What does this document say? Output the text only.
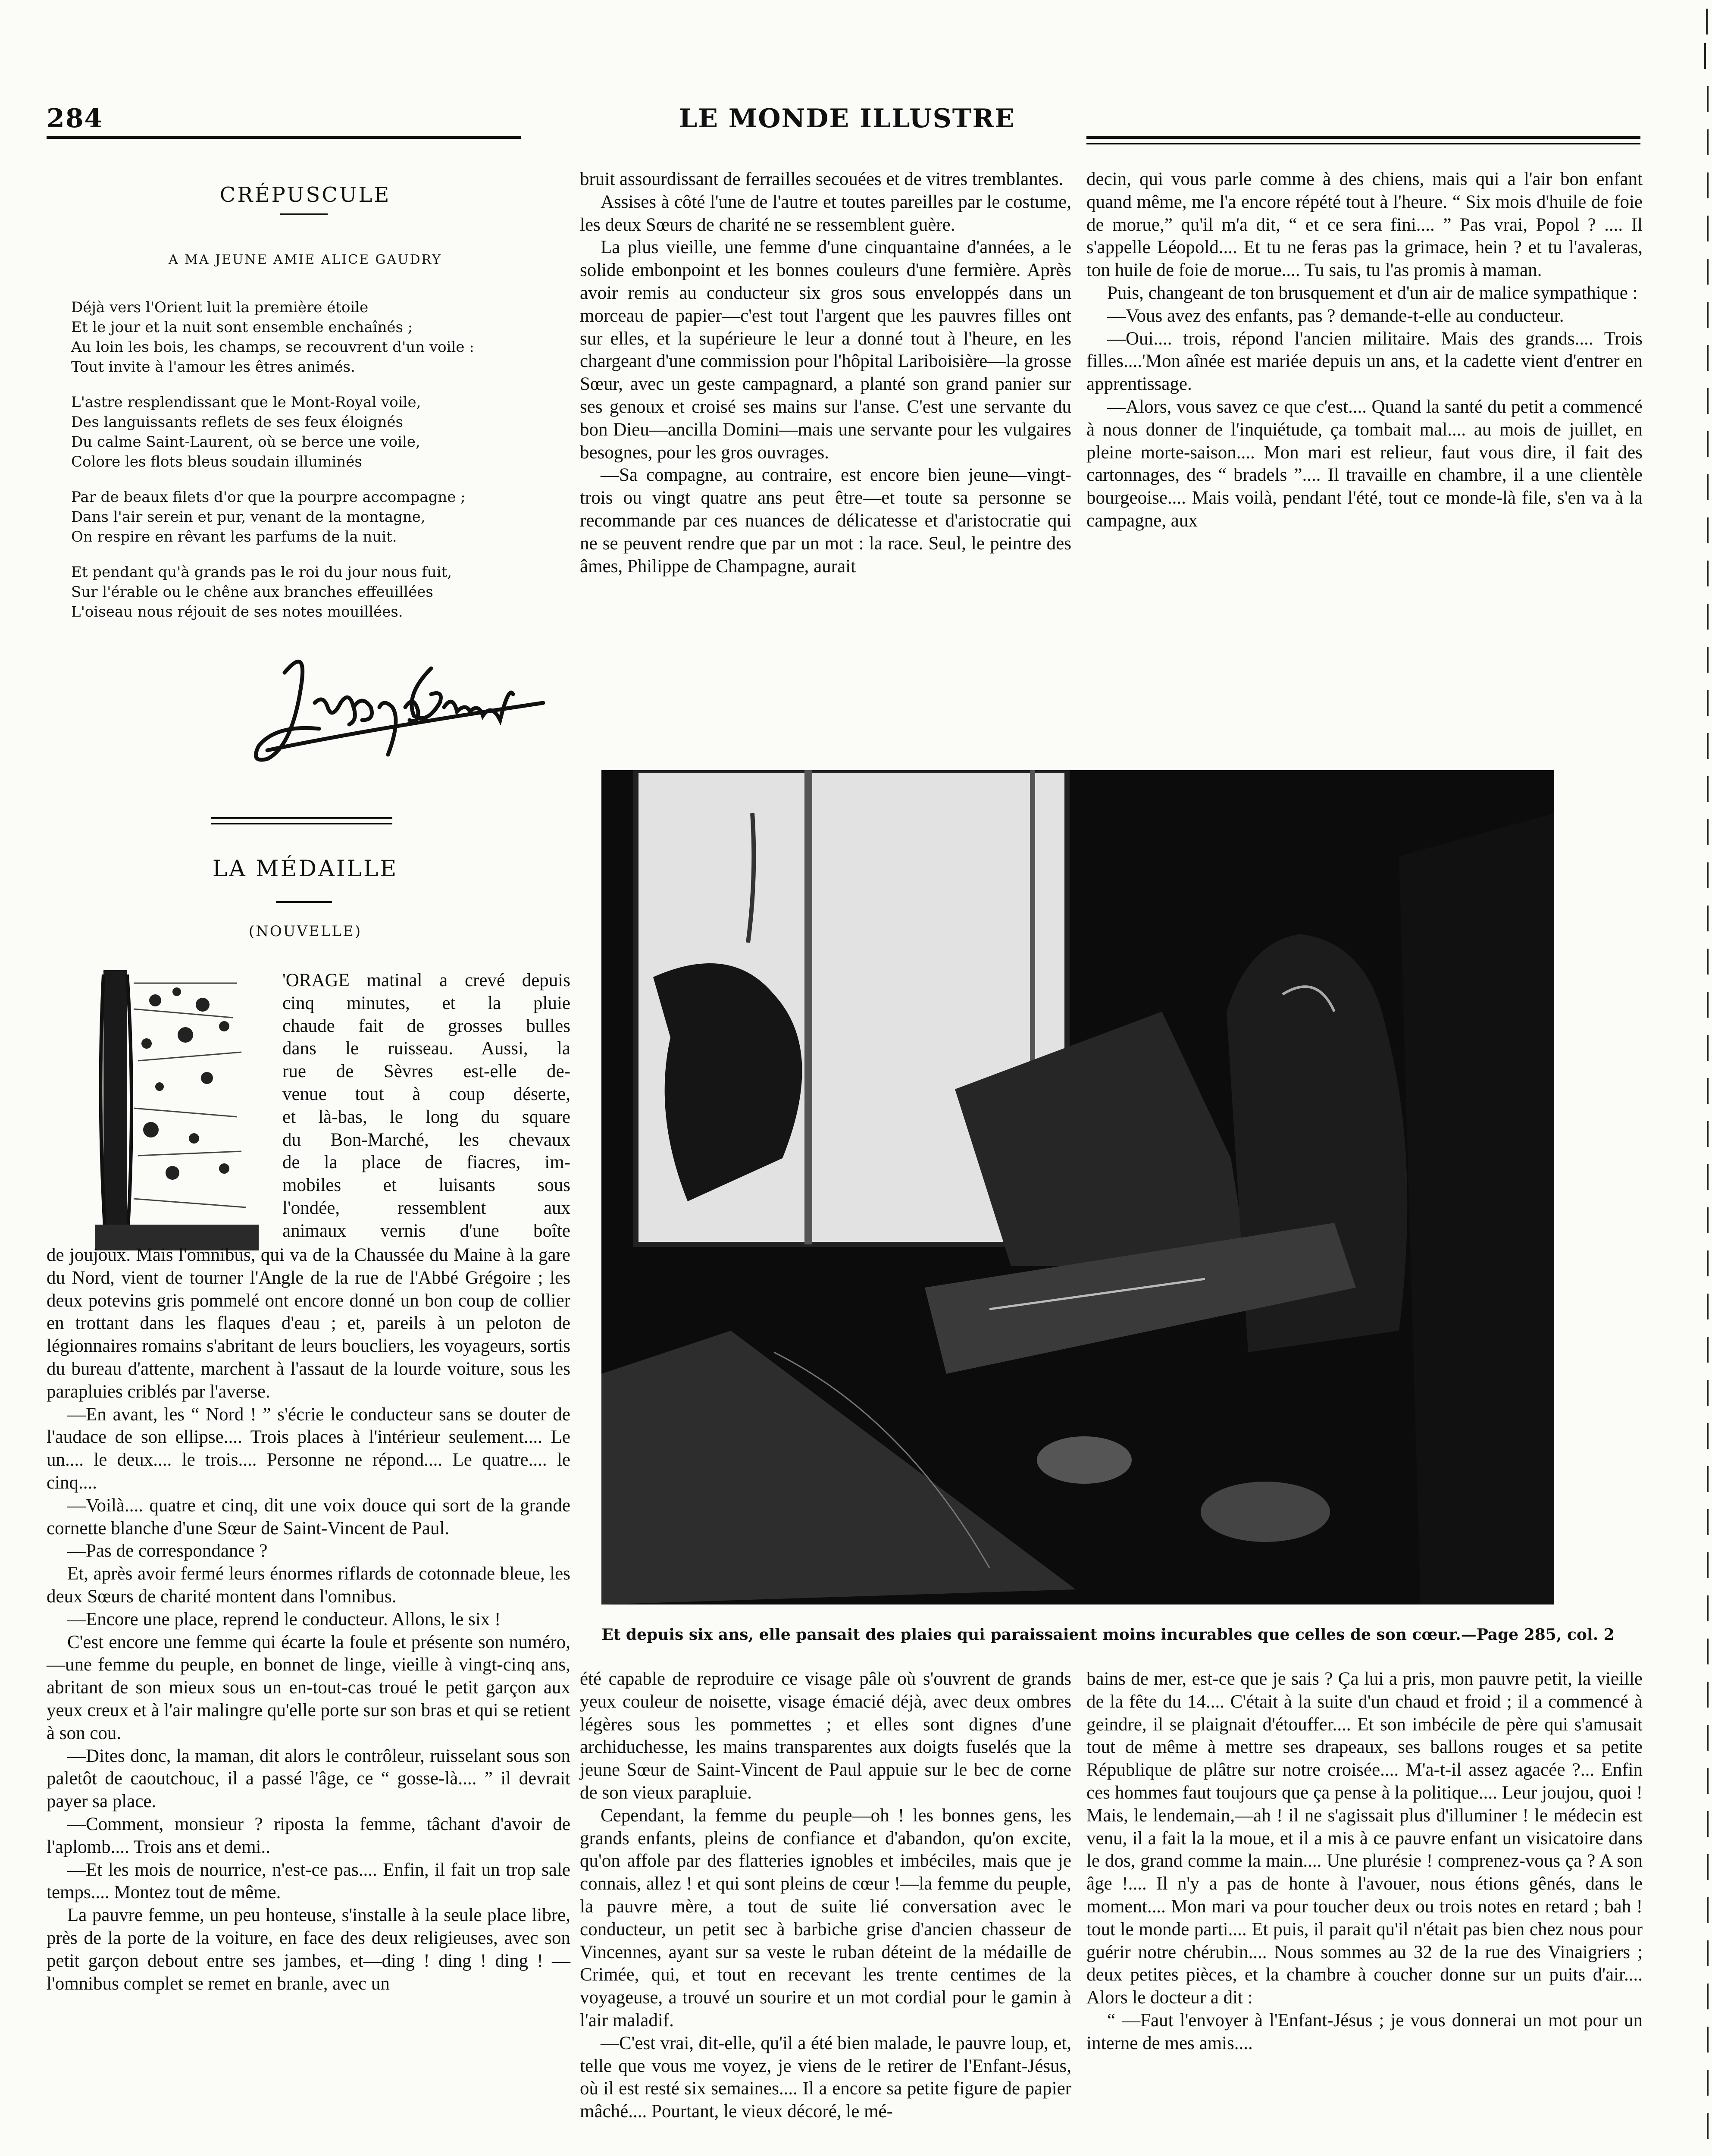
284	LE MONDE ILLUSTRE
CRÉPUSCULE
A MA JEUNE AMIE ALICE GAUDRY
Déjà vers l'Orient luit la première étoile
Et le jour et la nuit sont ensemble enchaînés ;
Au loin les bois, les champs, se recouvrent d'un voile :
Tout invite à l'amour les êtres animés.
L'astre resplendissant que le Mont-Royal voile,
Des languissants reflets de ses feux éloignés
Du calme Saint-Laurent, où se berce une voile,
Colore les flots bleus soudain illuminés
Par de beaux filets d'or que la pourpre accompagne ;
Dans l'air serein et pur, venant de la montagne,
On respire en rêvant les parfums de la nuit.
Et pendant qu'à grands pas le roi du jour nous fuit,
Sur l'érable ou le chêne aux branches effeuillées
L'oiseau nous réjouit de ses notes mouillées.
LA MÉDAILLE
(NOUVELLE)
'ORAGE matinal a crevé depuis
cinq minutes, et la pluie
chaude fait de grosses bulles
dans le ruisseau. Aussi, la
rue de Sèvres est-elle de-
venue tout à coup déserte,
et là-bas, le long du square
du Bon-Marché, les chevaux
de la place de fiacres, im-
mobiles et luisants sous
l'ondée, ressemblent aux
animaux vernis d'une boîte

de joujoux. Mais l'omnibus, qui va de la Chaussée du Maine à la gare du Nord, vient de tourner l'Angle de la rue de l'Abbé Grégoire ; les deux potevins gris pommelé ont encore donné un bon coup de collier en trottant dans les flaques d'eau ; et, pareils à un peloton de légionnaires romains s'abritant de leurs boucliers, les voyageurs, sortis du bureau d'attente, marchent à l'assaut de la lourde voiture, sous les parapluies criblés par l'averse.

—En avant, les “ Nord ! ” s'écrie le conducteur sans se douter de l'audace de son ellipse.... Trois places à l'intérieur seulement.... Le un.... le deux.... le trois.... Personne ne répond.... Le quatre.... le cinq....

—Voilà.... quatre et cinq, dit une voix douce qui sort de la grande cornette blanche d'une Sœur de Saint-Vincent de Paul.

—Pas de correspondance ?

Et, après avoir fermé leurs énormes riflards de cotonnade bleue, les deux Sœurs de charité montent dans l'omnibus.

—Encore une place, reprend le conducteur. Allons, le six !

C'est encore une femme qui écarte la foule et présente son numéro,—une femme du peuple, en bonnet de linge, vieille à vingt-cinq ans, abritant de son mieux sous un en-tout-cas troué le petit garçon aux yeux creux et à l'air malingre qu'elle porte sur son bras et qui se retient à son cou.

—Dites donc, la maman, dit alors le contrôleur, ruisselant sous son paletôt de caoutchouc, il a passé l'âge, ce “ gosse-là.... ” il devrait payer sa place.

—Comment, monsieur ? riposta la femme, tâchant d'avoir de l'aplomb.... Trois ans et demi..

—Et les mois de nourrice, n'est-ce pas.... Enfin, il fait un trop sale temps.... Montez tout de même.

La pauvre femme, un peu honteuse, s'installe à la seule place libre, près de la porte de la voiture, en face des deux religieuses, avec son petit garçon debout entre ses jambes, et—ding ! ding ! ding ! —l'omnibus complet se remet en branle, avec un

bruit assourdissant de ferrailles secouées et de vitres tremblantes.

Assises à côté l'une de l'autre et toutes pareilles par le costume, les deux Sœurs de charité ne se ressemblent guère.

La plus vieille, une femme d'une cinquantaine d'années, a le solide embonpoint et les bonnes couleurs d'une fermière. Après avoir remis au conducteur six gros sous enveloppés dans un morceau de papier—c'est tout l'argent que les pauvres filles ont sur elles, et la supérieure le leur a donné tout à l'heure, en les chargeant d'une commission pour l'hôpital Lariboisière—la grosse Sœur, avec un geste campagnard, a planté son grand panier sur ses genoux et croisé ses mains sur l'anse. C'est une servante du bon Dieu—ancilla Domini—mais une servante pour les vulgaires besognes, pour les gros ouvrages.

—Sa compagne, au contraire, est encore bien jeune—vingt-trois ou vingt quatre ans peut être—et toute sa personne se recommande par ces nuances de délicatesse et d'aristocratie qui ne se peuvent rendre que par un mot : la race. Seul, le peintre des âmes, Philippe de Champagne, aurait

decin, qui vous parle comme à des chiens, mais qui a l'air bon enfant quand même, me l'a encore répété tout à l'heure. “ Six mois d'huile de foie de morue,” qu'il m'a dit, “ et ce sera fini.... ” Pas vrai, Popol ? .... Il s'appelle Léopold.... Et tu ne feras pas la grimace, hein ? et tu l'avaleras, ton huile de foie de morue.... Tu sais, tu l'as promis à maman.

Puis, changeant de ton brusquement et d'un air de malice sympathique :

—Vous avez des enfants, pas ? demande-t-elle au conducteur.

—Oui.... trois, répond l'ancien militaire. Mais des grands.... Trois filles....'Mon aînée est mariée depuis un ans, et la cadette vient d'entrer en apprentissage.

—Alors, vous savez ce que c'est.... Quand la santé du petit a commencé à nous donner de l'inquiétude, ça tombait mal.... au mois de juillet, en pleine morte-saison.... Mon mari est relieur, faut vous dire, il fait des cartonnages, des “ bradels ”.... Il travaille en chambre, il a une clientèle bourgeoise.... Mais voilà, pendant l'été, tout ce monde-là file, s'en va à la campagne, aux

Et depuis six ans, elle pansait des plaies qui paraissaient moins incurables que celles de son cœur.—Page 285, col. 2

été capable de reproduire ce visage pâle où s'ouvrent de grands yeux couleur de noisette, visage émacié déjà, avec deux ombres légères sous les pommettes ; et elles sont dignes d'une archiduchesse, les mains transparentes aux doigts fuselés que la jeune Sœur de Saint-Vincent de Paul appuie sur le bec de corne de son vieux parapluie.

Cependant, la femme du peuple—oh ! les bonnes gens, les grands enfants, pleins de confiance et d'abandon, qu'on excite, qu'on affole par des flatteries ignobles et imbéciles, mais que je connais, allez ! et qui sont pleins de cœur !—la femme du peuple, la pauvre mère, a tout de suite lié conversation avec le conducteur, un petit sec à barbiche grise d'ancien chasseur de Vincennes, ayant sur sa veste le ruban déteint de la médaille de Crimée, qui, et tout en recevant les trente centimes de la voyageuse, a trouvé un sourire et un mot cordial pour le gamin à l'air maladif.

—C'est vrai, dit-elle, qu'il a été bien malade, le pauvre loup, et, telle que vous me voyez, je viens de le retirer de l'Enfant-Jésus, où il est resté six semaines.... Il a encore sa petite figure de papier mâché.... Pourtant, le vieux décoré, le mé-

bains de mer, est-ce que je sais ? Ça lui a pris, mon pauvre petit, la vieille de la fête du 14.... C'était à la suite d'un chaud et froid ; il a commencé à geindre, il se plaignait d'étouffer.... Et son imbécile de père qui s'amusait tout de même à mettre ses drapeaux, ses ballons rouges et sa petite République de plâtre sur notre croisée.... M'a-t-il assez agacée ?... Enfin ces hommes faut toujours que ça pense à la politique.... Leur joujou, quoi ! Mais, le lendemain,—ah ! il ne s'agissait plus d'illuminer ! le médecin est venu, il a fait la la moue, et il a mis à ce pauvre enfant un visicatoire dans le dos, grand comme la main.... Une plurésie ! comprenez-vous ça ? A son âge !.... Il n'y a pas de honte à l'avouer, nous étions gênés, dans le moment.... Mon mari va pour toucher deux ou trois notes en retard ; bah ! tout le monde parti.... Et puis, il parait qu'il n'était pas bien chez nous pour guérir notre chérubin.... Nous sommes au 32 de la rue des Vinaigriers ; deux petites pièces, et la chambre à coucher donne sur un puits d'air.... Alors le docteur a dit :

“ —Faut l'envoyer à l'Enfant-Jésus ; je vous donnerai un mot pour un interne de mes amis....
